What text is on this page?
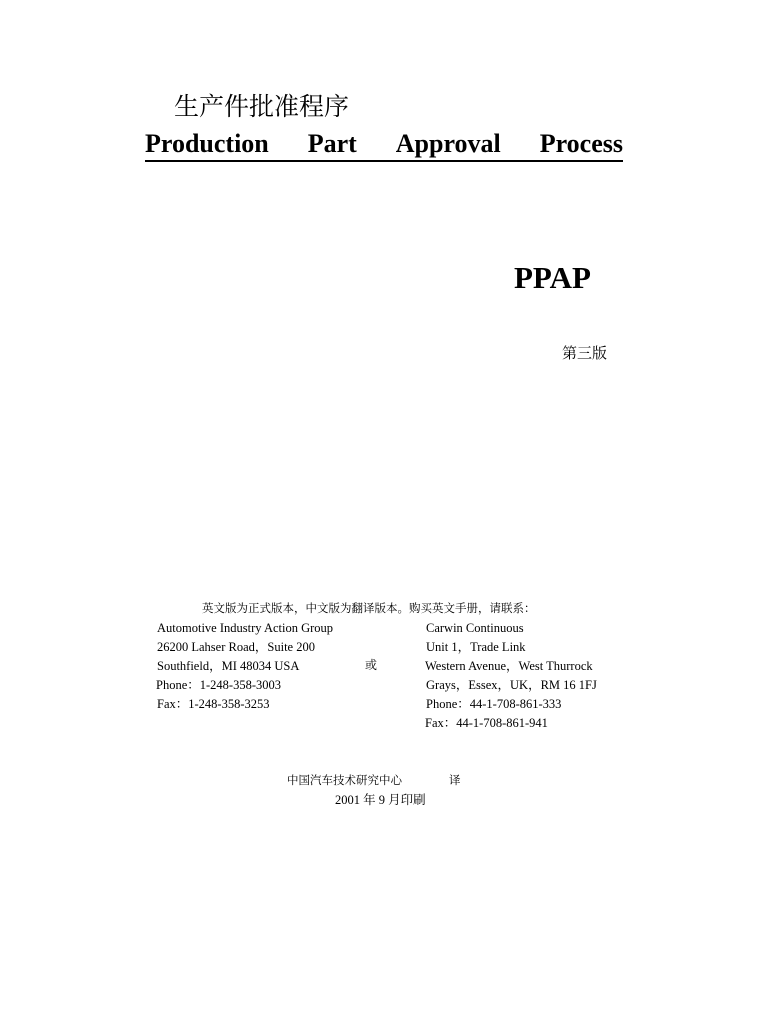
生产件批准程序
Production Part Approval Process
PPAP
第三版
英文版为正式版本，中文版为翻译版本。购买英文手册，请联系：
Automotive Industry Action Group
26200 Lahser Road，Suite 200
Southfield，MI 48034 USA
Phone：1-248-358-3003
Fax：1-248-358-3253
或
Carwin Continuous
Unit 1，Trade Link
Western Avenue，West Thurrock
Grays，Essex，UK，RM 16 1FJ
Phone：44-1-708-861-333
Fax：44-1-708-861-941
中国汽车技术研究中心	译
2001 年 9 月印刷
